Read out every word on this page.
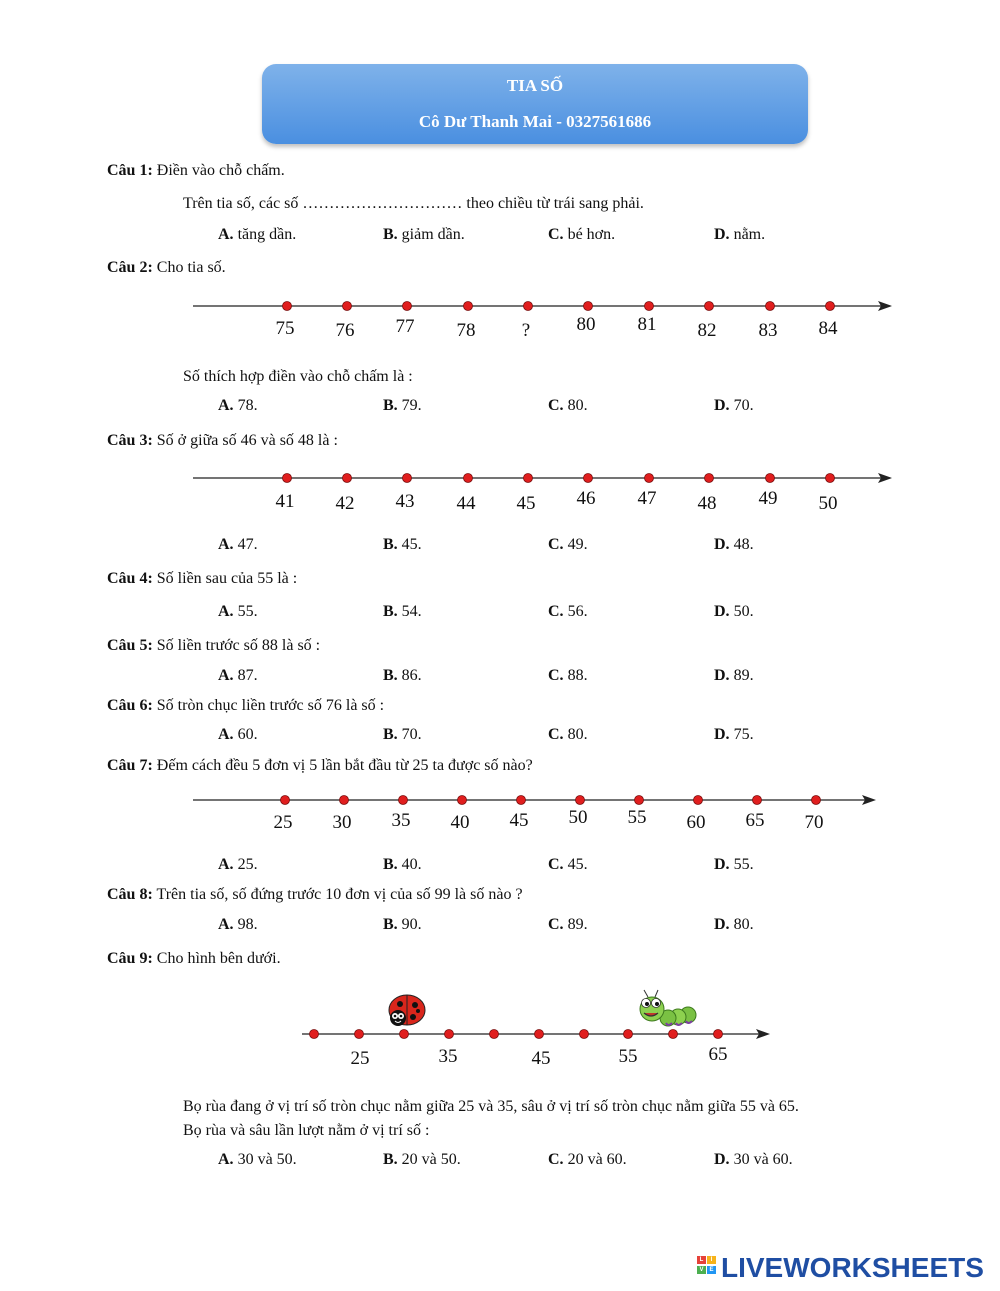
TIA SỐ
Cô Dư Thanh Mai - 0327561686
Câu 1: Điền vào chỗ chấm.
Trên tia số, các số ………………………… theo chiều từ trái sang phải.
A. tăng dần.	B. giảm dần.	C. bé hơn.	D. nằm.
Câu 2: Cho tia số.
75 76 77 78 ? 80 81 82 83 84
Số thích hợp điền vào chỗ chấm là :
A. 78.	B. 79.	C. 80.	D. 70.
Câu 3: Số ở giữa số 46 và số 48 là :
41 42 43 44 45 46 47 48 49 50
A. 47.	B. 45.	C. 49.	D. 48.
Câu 4: Số liền sau của 55 là :
A. 55.	B. 54.	C. 56.	D. 50.
Câu 5: Số liền trước số 88 là số :
A. 87.	B. 86.	C. 88.	D. 89.
Câu 6: Số tròn chục liền trước số 76 là số :
A. 60.	B. 70.	C. 80.	D. 75.
Câu 7: Đếm cách đều 5 đơn vị 5 lần bắt đầu từ 25 ta được số nào?
25 30 35 40 45 50 55 60 65 70
A. 25.	B. 40.	C. 45.	D. 55.
Câu 8: Trên tia số, số đứng trước 10 đơn vị của số 99 là số nào ?
A. 98.	B. 90.	C. 89.	D. 80.
Câu 9: Cho hình bên dưới.
25	35	45	55	65
Bọ rùa đang ở vị trí số tròn chục nằm giữa 25 và 35, sâu ở vị trí số tròn chục nằm giữa 55 và 65.
Bọ rùa và sâu lần lượt nằm ở vị trí số :
A. 30 và 50.	B. 20 và 50.	C. 20 và 60.	D. 30 và 60.
L	I
V E LIVEWORKSHEETS
